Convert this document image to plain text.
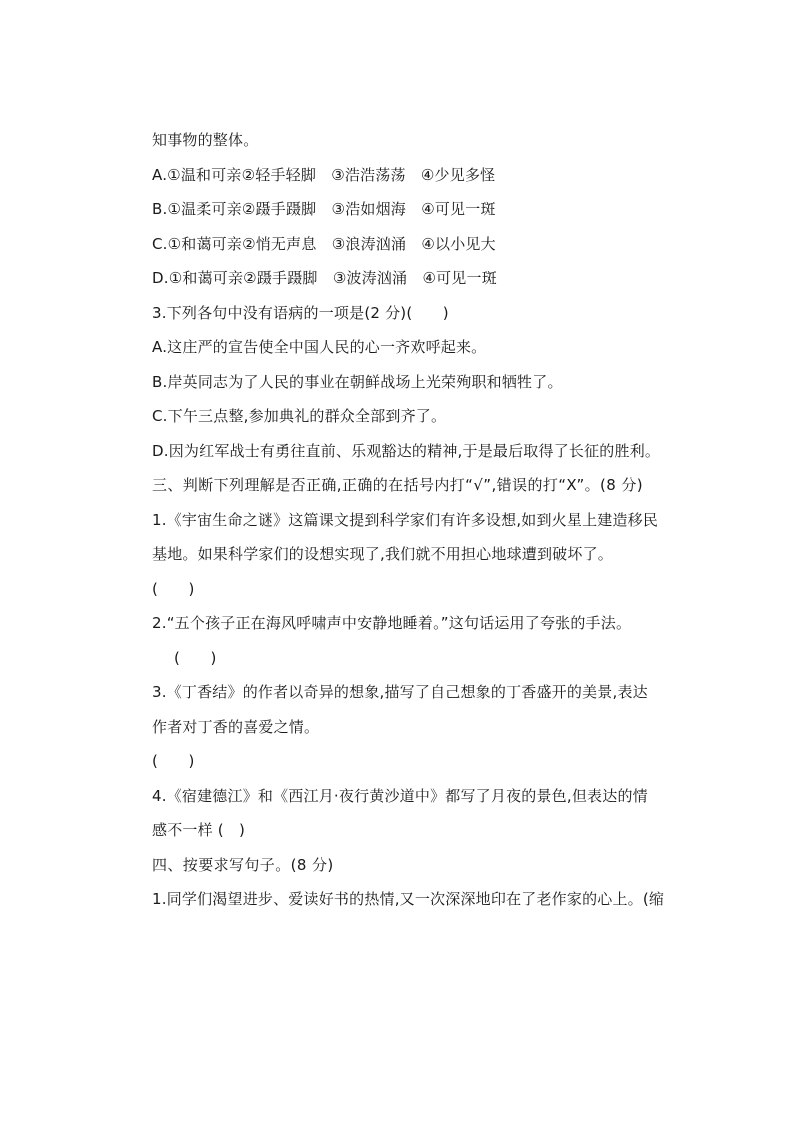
知事物的整体。
A.①温和可亲②轻手轻脚　③浩浩荡荡　④少见多怪
B.①温柔可亲②蹑手蹑脚　③浩如烟海　④可见一斑
C.①和蔼可亲②悄无声息　③浪涛汹涌　④以小见大
D.①和蔼可亲②蹑手蹑脚　③波涛汹涌　④可见一斑
3.下列各句中没有语病的一项是(2 分)(　　)
A.这庄严的宣告使全中国人民的心一齐欢呼起来。
B.岸英同志为了人民的事业在朝鲜战场上光荣殉职和牺牲了。
C.下午三点整,参加典礼的群众全部到齐了。
D.因为红军战士有勇往直前、乐观豁达的精神,于是最后取得了长征的胜利。
三、判断下列理解是否正确,正确的在括号内打“√”,错误的打“X”。(8 分)
1.《宇宙生命之谜》这篇课文提到科学家们有许多设想,如到火星上建造移民
基地。如果科学家们的设想实现了,我们就不用担心地球遭到破坏了。
(　　)
2.“五个孩子正在海风呼啸声中安静地睡着。”这句话运用了夸张的手法。
(　　)
3.《丁香结》的作者以奇异的想象,描写了自己想象的丁香盛开的美景,表达
作者对丁香的喜爱之情。
(　　)
4.《宿建德江》和《西江月·夜行黄沙道中》都写了月夜的景色,但表达的情
感不一样 (　)
四、按要求写句子。(8 分)
1.同学们渴望进步、爱读好书的热情,又一次深深地印在了老作家的心上。(缩
